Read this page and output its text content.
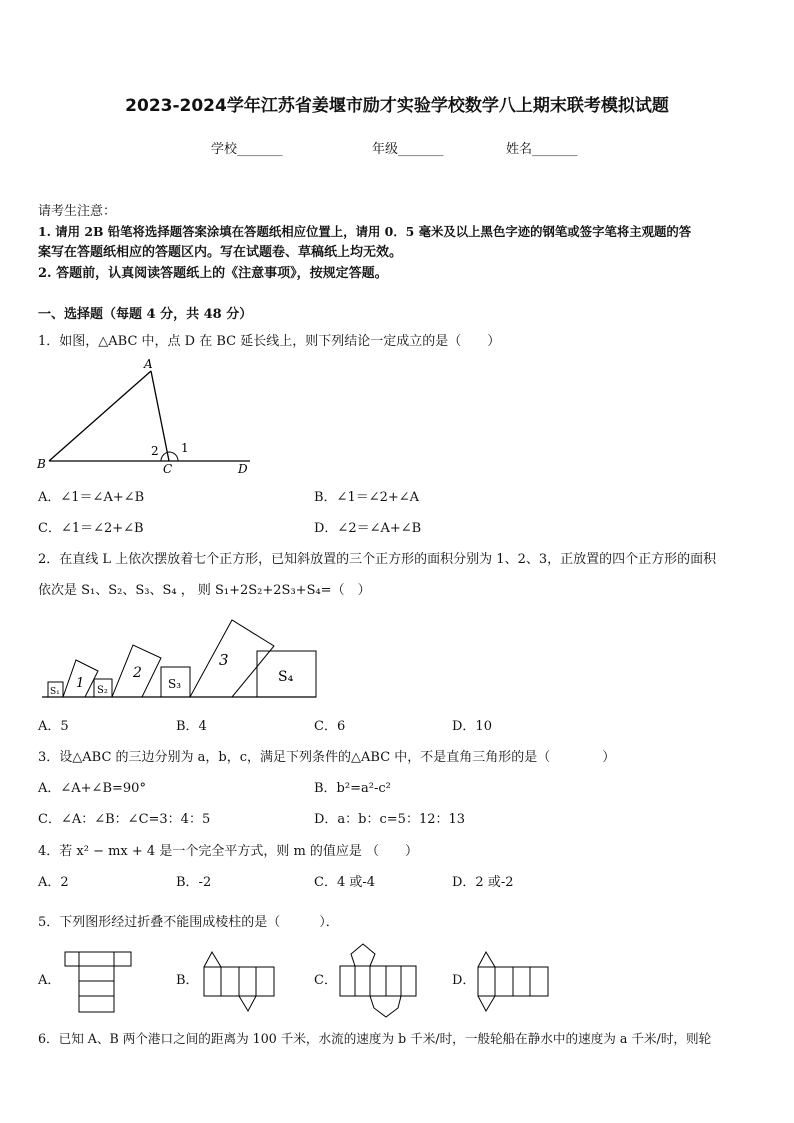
2023-2024学年江苏省姜堰市励才实验学校数学八上期末联考模拟试题
学校_______	年级_______	姓名_______
请考生注意：
1. 请用 2B 铅笔将选择题答案涂填在答题纸相应位置上，请用 0．5 毫米及以上黑色字迹的钢笔或签字笔将主观题的答
案写在答题纸相应的答题区内。写在试题卷、草稿纸上均无效。
2. 答题前，认真阅读答题纸上的《注意事项》，按规定答题。
一、选择题（每题 4 分，共 48 分）
1．如图，△ABC 中，点 D 在 BC 延长线上，则下列结论一定成立的是（　　）
A
B	C	D
1
2
A．∠1＝∠A+∠B	B．∠1＝∠2+∠A
C．∠1＝∠2+∠B	D．∠2＝∠A+∠B
2．在直线 L 上依次摆放着七个正方形，已知斜放置的三个正方形的面积分别为 1、2、3，正放置的四个正方形的面积
依次是 S₁、S₂、S₃、S₄ ， 则 S₁+2S₂+2S₃+S₄=（　）
S₁
1 S₂
2
S₃
3
S₄
A．5	B．4	C．6	D．10
3．设△ABC 的三边分别为 a，b，c，满足下列条件的△ABC 中，不是直角三角形的是（　　　　）
A．∠A+∠B=90°	B．b²=a²-c²
C．∠A：∠B：∠C=3：4：5	D．a：b：c=5：12：13
4．若 x² − mx + 4 是一个完全平方式，则 m 的值应是 （　　）
A．2	B．-2	C．4 或-4	D．2 或-2
5．下列图形经过折叠不能围成棱柱的是（　　　）．
A．	B．	C．	D．
6．已知 A、B 两个港口之间的距离为 100 千米，水流的速度为 b 千米/时，一般轮船在静水中的速度为 a 千米/时，则轮
